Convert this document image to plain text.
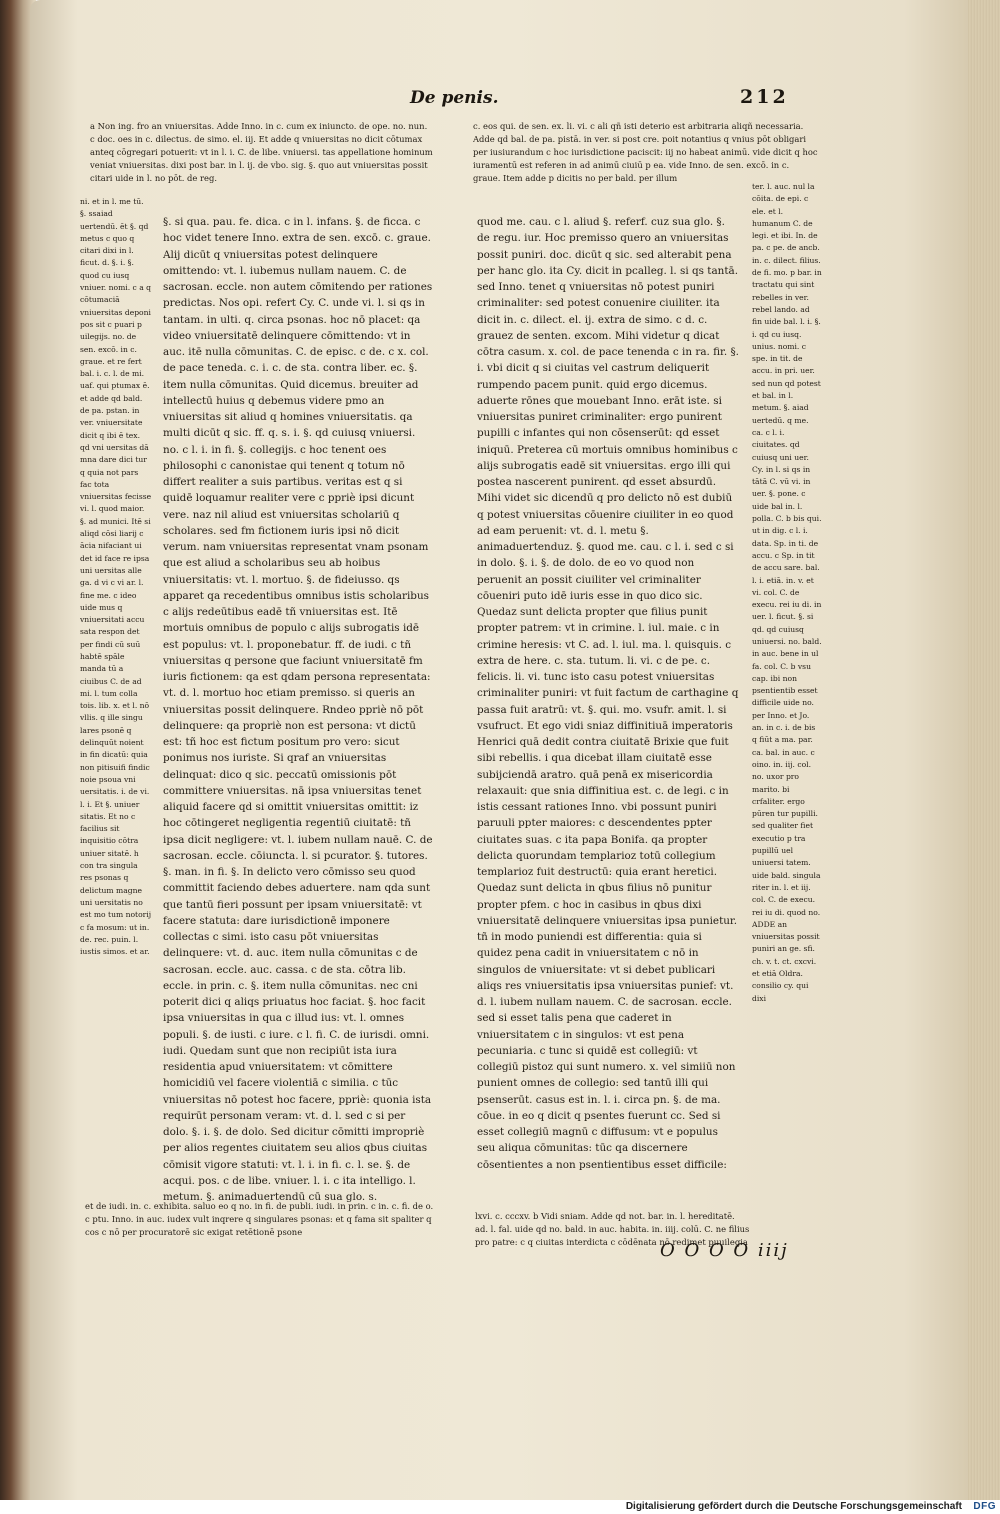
De penis.	212
a Non ing. fro an vniuersitas. Adde Inno. in c. cum ex iniuncto. de ope. no. nun. c doc. oes in c. dilectus. de simo. el. iij. Et adde q vniuersitas no dicit cōtumax anteq cōgregari potuerit: vt in l. i. C. de libe. vniuersi. tas appellatione hominum veniat vniuersitas. dixi post bar. in l. ij. de vbo. sig. §. quo aut vniuersitas possit citari uide in l. no pōt. de reg.
c. eos qui. de sen. ex. li. vi. c ali qñ isti deterio est arbitraria aliqñ necessaria. Adde qd bal. de pa. pistā. in ver. si post cre. poit notantius q vnius pōt obligari per iusiurandum c hoc iurisdictione paciscit: iij no habeat animū. vide dicit q hoc iuramentū est referen in ad animū ciuiū p ea. vide Inno. de sen. excō. in c. graue. Item adde p dicitis no per bald. per illum
ni. et in l. me tū. §. ssaiad uertendū. ēt §. qd metus c quo q citari dixi in l. ficut. d. §. i. §. quod cu iusq vniuer. nomi. c a q cōtumaciā vniuersitas deponi pos sit c puari p uilegijs. no. de sen. excō. in c. graue. et re fert bal. i. c. l. de mi. uaf. qui ptumax ē. et adde qd bald. de pa. pstan. in ver. vniuersitate dicit q ibi ē tex. qd vni uersitas dā mna dare dici tur q quia not pars fac tota vniuersitas fecisse vi. l. quod maior. §. ad munici. Itē si aliqd cōsi liarij c ācia nifaciant ui det id face re ipsa uni uersitas alle ga. d vi c vi ar. l. fine me. c ideo uide mus q vniuersitati accu sata respon det per findi cū suū habtē spāle manda tū a ciuibus C. de ad mi. l. tum colla tois. lib. x. et l. nō vllis. q ille singu lares psonē q delinquūt noient in fin dicatū: quia non pitisuifi findic noie psoua vni uersitatis. i. de vi. l. i. Et §. uniuer sitatis. Et no c facilius sit inquisitio cōtra uniuer sitatē. h con tra singula res psonas q delictum magne uni uersitatis no est mo tum notorij c fa mosum: ut in. de. rec. puin. l. iustis simos. et ar.
§. si qua. pau. fe. dica. c in l. infans. §. de ficca. c hoc videt tenere Inno. extra de sen. excō. c. graue. Alij dicūt q vniuersitas potest delinquere omittendo: vt. l. iubemus nullam nauem. C. de sacrosan. eccle. non autem cōmitendo per rationes predictas. Nos opi. refert Cy. C. unde vi. l. si qs in tantam. in ulti. q. circa psonas. hoc nō placet: qa video vniuersitatē delinquere cōmittendo: vt in auc. itē nulla cōmunitas. C. de episc. c de. c x. col. de pace teneda. c. i. c. de sta. contra liber. ec. §. item nulla cōmunitas. Quid dicemus. breuiter ad intellectū huius q debemus videre pmo an vniuersitas sit aliud q homines vniuersitatis. qa multi dicūt q sic. ff. q. s. i. §. qd cuiusq vniuersi. no. c l. i. in fi. §. collegijs. c hoc tenent oes philosophi c canonistae qui tenent q totum nō differt realiter a suis partibus. veritas est q si quidē loquamur realiter vere c ppriè ipsi dicunt vere. naz nil aliud est vniuersitas scholariū q scholares. sed fm fictionem iuris ipsi nō dicit verum. nam vniuersitas representat vnam psonam que est aliud a scholaribus seu ab hoibus vniuersitatis: vt. l. mortuo. §. de fideiusso. qs apparet qa recedentibus omnibus istis scholaribus c alijs redeūtibus eadē tñ vniuersitas est. Itē mortuis omnibus de populo c alijs subrogatis idē est populus: vt. l. proponebatur. ff. de iudi. c tñ vniuersitas q persone que faciunt vniuersitatē fm iuris fictionem: qa est qdam persona representata: vt. d. l. mortuo hoc etiam premisso. si queris an vniuersitas possit delinquere. Rndeo ppriè nō pōt delinquere: qa propriè non est persona: vt dictū est: tñ hoc est fictum positum pro vero: sicut ponimus nos iuriste. Si qraf an vniuersitas delinquat: dico q sic. peccatū omissionis pōt committere vniuersitas. nā ipsa vniuersitas tenet aliquid facere qd si omittit vniuersitas omittit: iz hoc cōtingeret negligentia regentiū ciuitatē: tñ ipsa dicit negligere: vt. l. iubem nullam nauē. C. de sacrosan. eccle. cōiuncta. l. si pcurator. §. tutores. §. man. in fi. §. In delicto vero cōmisso seu quod committit faciendo debes aduertere. nam qda sunt que tantū fieri possunt per ipsam vniuersitatē: vt facere statuta: dare iurisdictionē imponere collectas c simi. isto casu pōt vniuersitas delinquere: vt. d. auc. item nulla cōmunitas c de sacrosan. eccle. auc. cassa. c de sta. cōtra lib. eccle. in prin. c. §. item nulla cōmunitas. nec cni poterit dici q aliqs priuatus hoc faciat. §. hoc facit ipsa vniuersitas in qua c illud ius: vt. l. omnes populi. §. de iusti. c iure. c l. fi. C. de iurisdi. omni. iudi. Quedam sunt que non recipiūt ista iura residentia apud vniuersitatem: vt cōmittere homicidiū vel facere violentiā c similia. c tūc vniuersitas nō potest hoc facere, ppriè: quonia ista requirūt personam veram: vt. d. l. sed c si per dolo. §. i. §. de dolo. Sed dicitur cōmitti impropriè per alios regentes ciuitatem seu alios qbus ciuitas cōmisit vigore statuti: vt. l. i. in fi. c. l. se. §. de acqui. pos. c de libe. vniuer. l. i. c ita intelligo. l. metum. §. animaduertendū cū sua glo. s.
quod me. cau. c l. aliud §. referf. cuz sua glo. §. de regu. iur. Hoc premisso quero an vniuersitas possit puniri. doc. dicūt q sic. sed alterabit pena per hanc glo. ita Cy. dicit in pcalleg. l. si qs tantā. sed Inno. tenet q vniuersitas nō potest puniri criminaliter: sed potest conuenire ciuiliter. ita dicit in. c. dilect. el. ij. extra de simo. c d. c. grauez de senten. excom. Mihi videtur q dicat cōtra casum. x. col. de pace tenenda c in ra. fir. §. i. vbi dicit q si ciuitas vel castrum deliquerit rumpendo pacem punit. quid ergo dicemus. aduerte rōnes que mouebant Inno. erāt iste. si vniuersitas puniret criminaliter: ergo punirent pupilli c infantes qui non cōsenserūt: qd esset iniquū. Preterea cū mortuis omnibus hominibus c alijs subrogatis eadē sit vniuersitas. ergo illi qui postea nascerent punirent. qd esset absurdū. Mihi videt sic dicendū q pro delicto nō est dubiū q potest vniuersitas cōuenire ciuiliter in eo quod ad eam peruenit: vt. d. l. metu §. animaduertenduz. §. quod me. cau. c l. i. sed c si in dolo. §. i. §. de dolo. de eo vo quod non peruenit an possit ciuiliter vel criminaliter cōueniri puto idē iuris esse in quo dico sic. Quedaz sunt delicta propter que filius punit propter patrem: vt in crimine. l. iul. maie. c in crimine heresis: vt C. ad. l. iul. ma. l. quisquis. c extra de here. c. sta. tutum. li. vi. c de pe. c. felicis. li. vi. tunc isto casu potest vniuersitas criminaliter puniri: vt fuit factum de carthagine q passa fuit aratrū: vt. §. qui. mo. vsufr. amit. l. si vsufruct. Et ego vidi sniaz diffinitiuā imperatoris Henrici quā dedit contra ciuitatē Brixie que fuit sibi rebellis. i qua dicebat illam ciuitatē esse subijciendā aratro. quā penā ex misericordia relaxauit: que snia diffinitiua est. c. de legi. c in istis cessant rationes Inno. vbi possunt puniri paruuli ppter maiores: c descendentes ppter ciuitates suas. c ita papa Bonifa. qa propter delicta quorundam templarioz totū collegium templarioz fuit destructū: quia erant heretici. Quedaz sunt delicta in qbus filius nō punitur propter pfem. c hoc in casibus in qbus dixi vniuersitatē delinquere vniuersitas ipsa punietur. tñ in modo puniendi est differentia: quia si quidez pena cadit in vniuersitatem c nō in singulos de vniuersitate: vt si debet publicari aliqs res vniuersitatis ipsa vniuersitas punief: vt. d. l. iubem nullam nauem. C. de sacrosan. eccle. sed si esset talis pena que caderet in vniuersitatem c in singulos: vt est pena pecuniaria. c tunc si quidē est collegiū: vt collegiū pistoz qui sunt numero. x. vel simiiū non punient omnes de collegio: sed tantū illi qui psenserūt. casus est in. l. i. circa pn. §. de ma. cōue. in eo q dicit q psentes fuerunt cc. Sed si esset collegiū magnū c diffusum: vt e populus seu aliqua cōmunitas: tūc qa discernere cōsentientes a non psentientibus esset difficile:
ter. l. auc. nul la cōita. de epi. c ele. et l. humanum C. de legi. et ibi. In. de pa. c pe. de ancb. in. c. dilect. filius. de fi. mo. p bar. in tractatu qui sint rebelles in ver. rebel lando. ad fin uide bal. l. i. §. i. qd cu iusq. unius. nomi. c spe. in tit. de accu. in pri. uer. sed nun qd potest et bal. in l. metum. §. aiad uertedū. q me. ca. c l. i. ciuitates. qd cuiusq uni uer. Cy. in l. si qs in tātā C. vū vi. in uer. §. pone. c uide bal in. l. polla. C. b bis qui. ut in dig. c l. i. data. Sp. in ti. de accu. c Sp. in tit de accu sare. bal. l. i. etiā. in. v. et vi. col. C. de execu. rei iu di. in uer. l. ficut. §. si qd. qd cuiusq uniuersi. no. bald. in auc. bene in ul fa. col. C. b vsu cap. ibi non psentientib esset difficile uide no. per Inno. et Jo. an. in c. i. de bis q fiūt a ma. par. ca. bal. in auc. c oino. in. iij. col. no. uxor pro marito. bi crfaliter. ergo pūren tur pupilli. sed qualiter fiet executio p tra pupillū uel uniuersi tatem. uide bald. singula riter in. l. et iij. col. C. de execu. rei iu di. quod no. ADDE an vniuersitas possit puniri an ge. sfi. ch. v. t. ct. cxcvi. et etiā Oldra. consilio cy. qui dixi
et de iudi. in. c. exhibita. saluo eo q no. in fi. de publi. iudi. in prin. c in. c. fi. de o. c ptu. Inno. in auc. iudex vult inqrere q singulares psonas: et q fama sit spaliter q cos c nō per procuratorē sic exigat retētionē psone
lxvi. c. cccxv. b Vidi sniam. Adde qd not. bar. in. l. hereditatē. ad. l. fal. uide qd no. bald. in auc. habita. in. iiij. colū. C. ne filius pro patre: c q ciuitas interdicta c cōdēnata nō redimet puuilegia
O O O O iiij
Digitalisierung gefördert durch die Deutsche Forschungsgemeinschaft DFG
